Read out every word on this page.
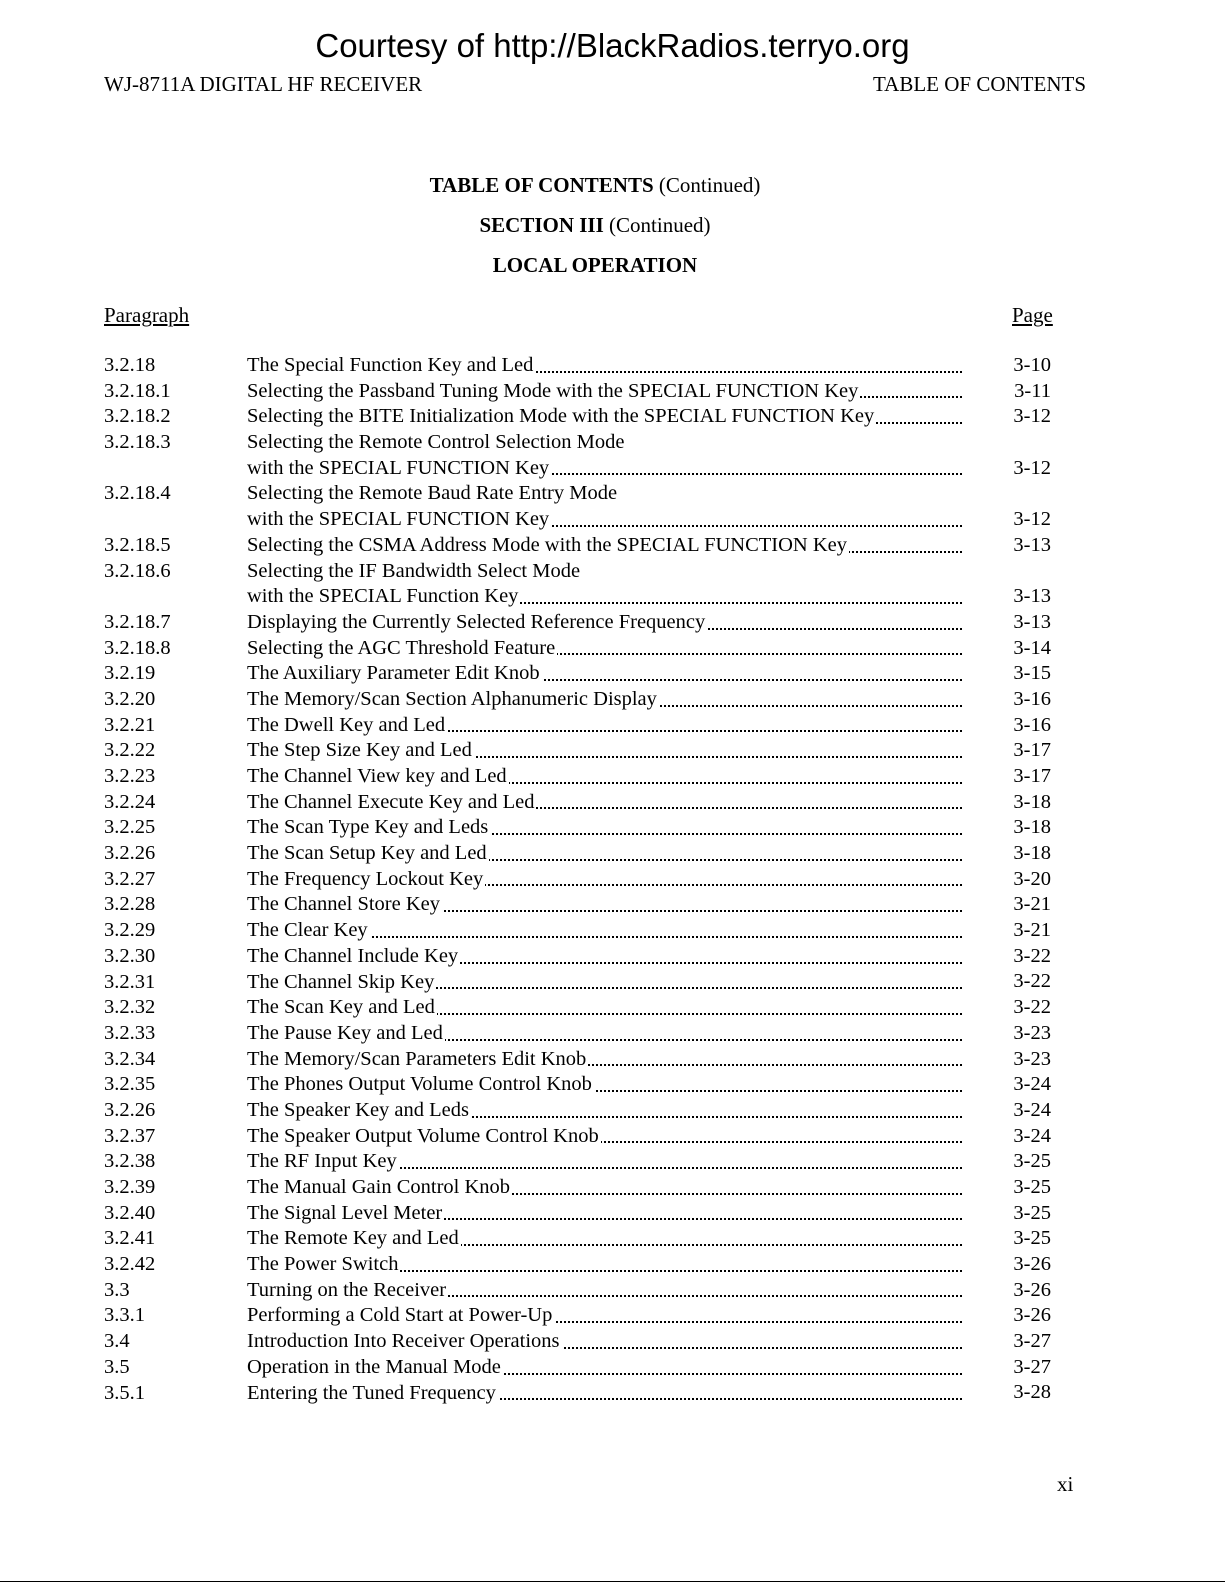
Courtesy of http://BlackRadios.terryo.org
WJ-8711A DIGITAL HF RECEIVER	TABLE OF CONTENTS
TABLE OF CONTENTS (Continued)
SECTION III (Continued)
LOCAL OPERATION
Paragraph	Page
3.2.18	The Special Function Key and Led	3-10
3.2.18.1	Selecting the Passband Tuning Mode with the SPECIAL FUNCTION Key	3-11
3.2.18.2	Selecting the BITE Initialization Mode with the SPECIAL FUNCTION Key	3-12
3.2.18.3	Selecting the Remote Control Selection Mode
with the SPECIAL FUNCTION Key	3-12
3.2.18.4	Selecting the Remote Baud Rate Entry Mode
with the SPECIAL FUNCTION Key	3-12
3.2.18.5	Selecting the CSMA Address Mode with the SPECIAL FUNCTION Key	3-13
3.2.18.6	Selecting the IF Bandwidth Select Mode
with the SPECIAL Function Key	3-13
3.2.18.7	Displaying the Currently Selected Reference Frequency	3-13
3.2.18.8	Selecting the AGC Threshold Feature	3-14
3.2.19	The Auxiliary Parameter Edit Knob	3-15
3.2.20	The Memory/Scan Section Alphanumeric Display	3-16
3.2.21	The Dwell Key and Led	3-16
3.2.22	The Step Size Key and Led	3-17
3.2.23	The Channel View key and Led	3-17
3.2.24	The Channel Execute Key and Led	3-18
3.2.25	The Scan Type Key and Leds	3-18
3.2.26	The Scan Setup Key and Led	3-18
3.2.27	The Frequency Lockout Key	3-20
3.2.28	The Channel Store Key	3-21
3.2.29	The Clear Key	3-21
3.2.30	The Channel Include Key	3-22
3.2.31	The Channel Skip Key	3-22
3.2.32	The Scan Key and Led	3-22
3.2.33	The Pause Key and Led	3-23
3.2.34	The Memory/Scan Parameters Edit Knob	3-23
3.2.35	The Phones Output Volume Control Knob	3-24
3.2.26	The Speaker Key and Leds	3-24
3.2.37	The Speaker Output Volume Control Knob	3-24
3.2.38	The RF Input Key	3-25
3.2.39	The Manual Gain Control Knob	3-25
3.2.40	The Signal Level Meter	3-25
3.2.41	The Remote Key and Led	3-25
3.2.42	The Power Switch	3-26
3.3	Turning on the Receiver	3-26
3.3.1	Performing a Cold Start at Power-Up	3-26
3.4	Introduction Into Receiver Operations	3-27
3.5	Operation in the Manual Mode	3-27
3.5.1	Entering the Tuned Frequency	3-28
xi
